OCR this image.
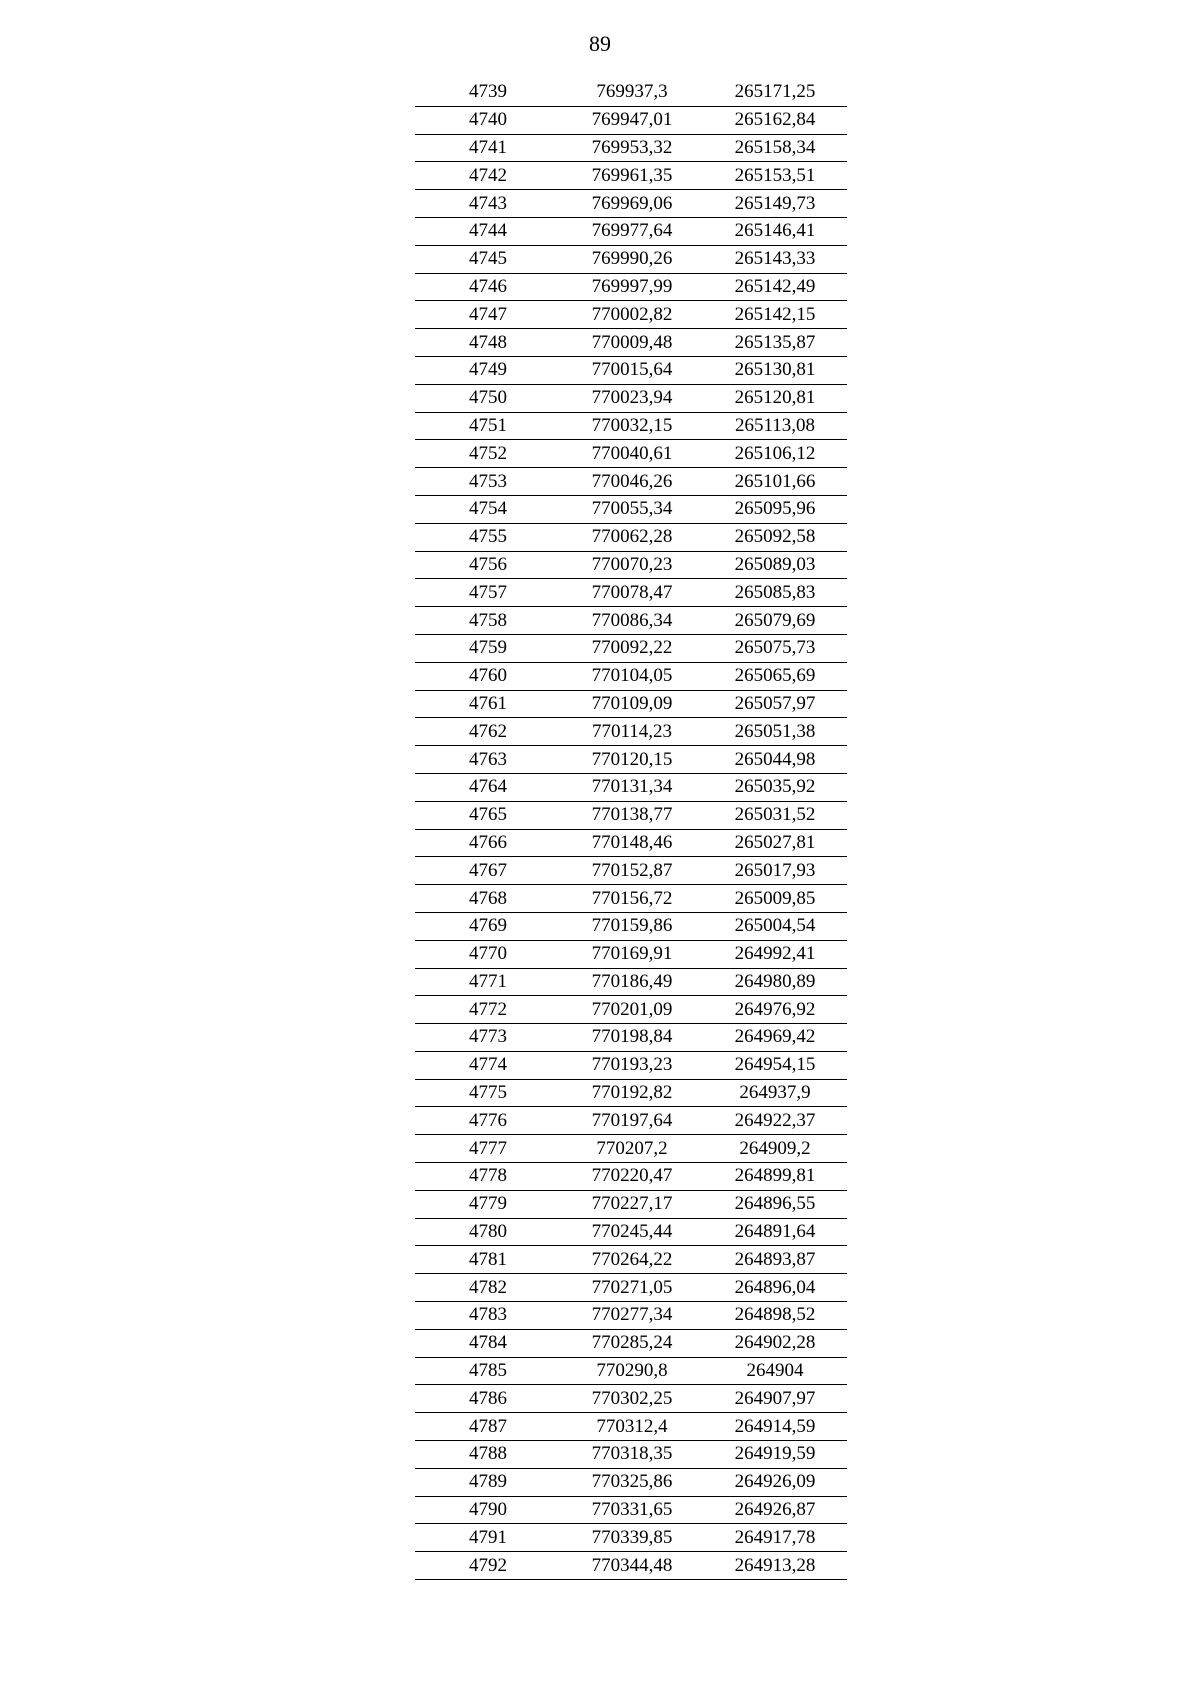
89
4739	769937,3	265171,25
4740	769947,01	265162,84
4741	769953,32	265158,34
4742	769961,35	265153,51
4743	769969,06	265149,73
4744	769977,64	265146,41
4745	769990,26	265143,33
4746	769997,99	265142,49
4747	770002,82	265142,15
4748	770009,48	265135,87
4749	770015,64	265130,81
4750	770023,94	265120,81
4751	770032,15	265113,08
4752	770040,61	265106,12
4753	770046,26	265101,66
4754	770055,34	265095,96
4755	770062,28	265092,58
4756	770070,23	265089,03
4757	770078,47	265085,83
4758	770086,34	265079,69
4759	770092,22	265075,73
4760	770104,05	265065,69
4761	770109,09	265057,97
4762	770114,23	265051,38
4763	770120,15	265044,98
4764	770131,34	265035,92
4765	770138,77	265031,52
4766	770148,46	265027,81
4767	770152,87	265017,93
4768	770156,72	265009,85
4769	770159,86	265004,54
4770	770169,91	264992,41
4771	770186,49	264980,89
4772	770201,09	264976,92
4773	770198,84	264969,42
4774	770193,23	264954,15
4775	770192,82	264937,9
4776	770197,64	264922,37
4777	770207,2	264909,2
4778	770220,47	264899,81
4779	770227,17	264896,55
4780	770245,44	264891,64
4781	770264,22	264893,87
4782	770271,05	264896,04
4783	770277,34	264898,52
4784	770285,24	264902,28
4785	770290,8	264904
4786	770302,25	264907,97
4787	770312,4	264914,59
4788	770318,35	264919,59
4789	770325,86	264926,09
4790	770331,65	264926,87
4791	770339,85	264917,78
4792	770344,48	264913,28
